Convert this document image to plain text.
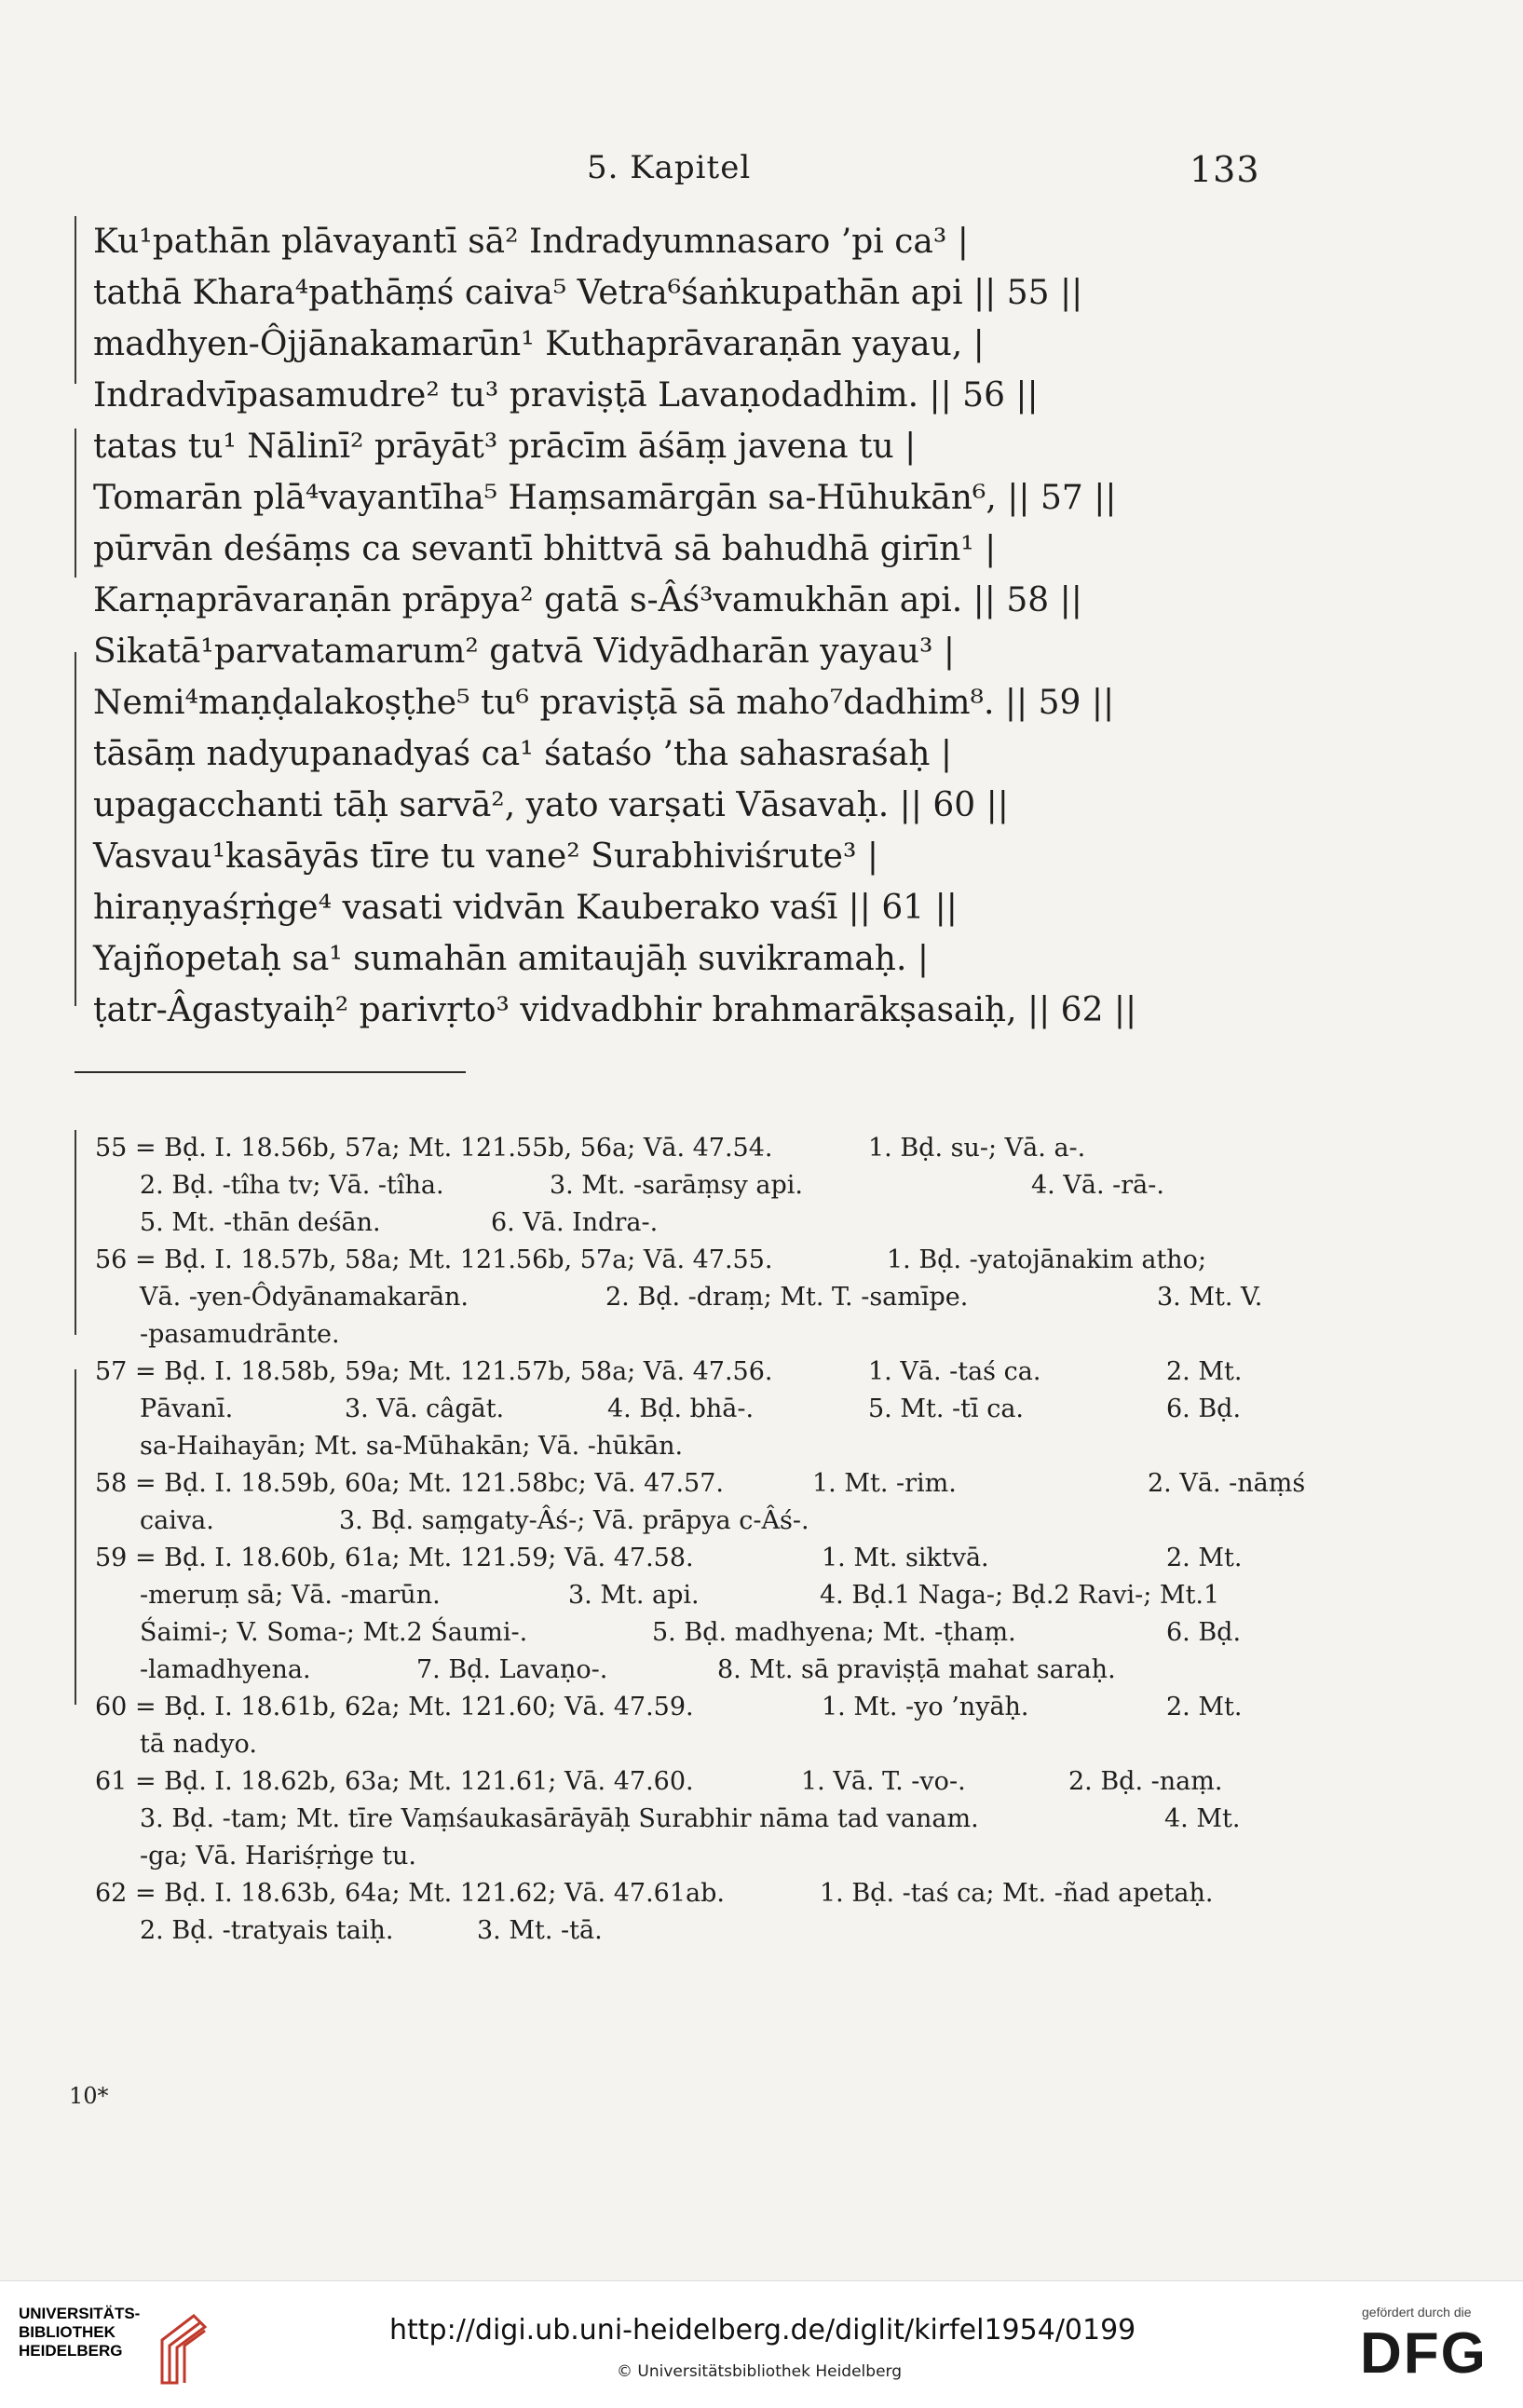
5. Kapitel	133
Ku¹pathān plāvayantī sā² Indradyumnasaro ’pi ca³ |
tathā Khara⁴pathāṃś caiva⁵ Vetra⁶śaṅkupathān api || 55 ||
madhyen-Ôjjānakamarūn¹ Kuthaprāvaraṇān yayau, |
Indradvīpasamudre² tu³ praviṣṭā Lavaṇodadhim. || 56 ||
tatas tu¹ Nālinī² prāyāt³ prācīm āśāṃ javena tu |
Tomarān plā⁴vayantīha⁵ Haṃsamārgān sa-Hūhukān⁶, || 57 ||
pūrvān deśāṃs ca sevantī bhittvā sā bahudhā girīn¹ |
Karṇaprāvaraṇān prāpya² gatā s-Âś³vamukhān api. || 58 ||
Sikatā¹parvatamarum² gatvā Vidyādharān yayau³ |
Nemi⁴maṇḍalakoṣṭhe⁵ tu⁶ praviṣṭā sā maho⁷dadhim⁸. || 59 ||
tāsāṃ nadyupanadyaś ca¹ śataśo ’tha sahasraśaḥ |
upagacchanti tāḥ sarvā², yato varṣati Vāsavaḥ. || 60 ||
Vasvau¹kasāyās tīre tu vane² Surabhiviśrute³ |
hiraṇyaśṛṅge⁴ vasati vidvān Kauberako vaśī || 61 ||
Yajñopetaḥ sa¹ sumahān amitaujāḥ suvikramaḥ. |
ṭatr-Âgastyaiḥ² parivṛto³ vidvadbhir brahmarākṣasaiḥ, || 62 ||
55 = Bḍ. I. 18.56b, 57a; Mt. 121.55b, 56a; Vā. 47.54.	1. Bḍ. su-; Vā. a-.
2. Bḍ. -tîha tv; Vā. -tîha.	3. Mt. -sarāṃsy api.	4. Vā. -rā-.
5. Mt. -thān deśān.	6. Vā. Indra-.
56 = Bḍ. I. 18.57b, 58a; Mt. 121.56b, 57a; Vā. 47.55.	1. Bḍ. -yatojānakim atho;
Vā. -yen-Ôdyānamakarān.	2. Bḍ. -draṃ; Mt. T. -samīpe.	3. Mt. V.
-pasamudrānte.
57 = Bḍ. I. 18.58b, 59a; Mt. 121.57b, 58a; Vā. 47.56.	1. Vā. -taś ca.	2. Mt.
Pāvanī.	3. Vā. câgāt.	4. Bḍ. bhā-.	5. Mt. -tī ca.	6. Bḍ.
sa-Haihayān; Mt. sa-Mūhakān; Vā. -hūkān.
58 = Bḍ. I. 18.59b, 60a; Mt. 121.58bc; Vā. 47.57.	1. Mt. -rim.	2. Vā. -nāṃś
caiva.	3. Bḍ. saṃgaty-Âś-; Vā. prāpya c-Âś-.
59 = Bḍ. I. 18.60b, 61a; Mt. 121.59; Vā. 47.58.	1. Mt. siktvā.	2. Mt.
-meruṃ sā; Vā. -marūn.	3. Mt. api.	4. Bḍ.1 Naga-; Bḍ.2 Ravi-; Mt.1
Śaimi-; V. Soma-; Mt.2 Śaumi-.	5. Bḍ. madhyena; Mt. -ṭhaṃ.	6. Bḍ.
-lamadhyena.	7. Bḍ. Lavaṇo-.	8. Mt. sā praviṣṭā mahat saraḥ.
60 = Bḍ. I. 18.61b, 62a; Mt. 121.60; Vā. 47.59.	1. Mt. -yo ’nyāḥ.	2. Mt.
tā nadyo.
61 = Bḍ. I. 18.62b, 63a; Mt. 121.61; Vā. 47.60.	1. Vā. T. -vo-.	2. Bḍ. -naṃ.
3. Bḍ. -tam; Mt. tīre Vaṃśaukasārāyāḥ Surabhir nāma tad vanam.	4. Mt.
-ga; Vā. Hariśṛṅge tu.
62 = Bḍ. I. 18.63b, 64a; Mt. 121.62; Vā. 47.61ab.	1. Bḍ. -taś ca; Mt. -ñad apetaḥ.
2. Bḍ. -tratyais taiḥ.	3. Mt. -tā.
10*
UNIVERSITÄTS-
BIBLIOTHEK
HEIDELBERG
http://digi.ub.uni-heidelberg.de/diglit/kirfel1954/0199
© Universitätsbibliothek Heidelberg
gefördert durch die
DFG
